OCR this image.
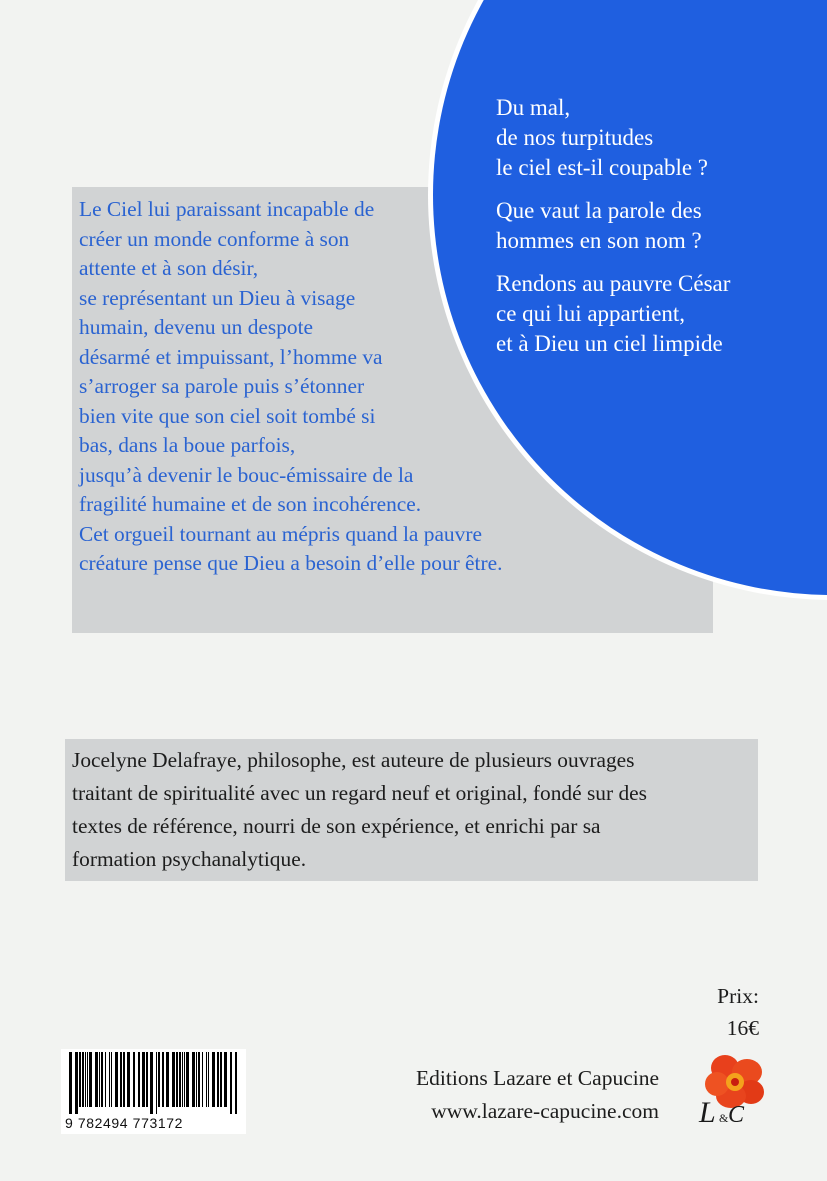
Le Ciel lui paraissant incapable de
créer un monde conforme à son
attente et à son désir,
se représentant un Dieu à visage
humain, devenu un despote
désarmé et impuissant, l’homme va
s’arroger sa parole puis s’étonner
bien vite que son ciel soit tombé si
bas, dans la boue parfois,
jusqu’à devenir le bouc-émissaire de la
fragilité humaine et de son incohérence.
Cet orgueil tournant au mépris quand la pauvre
créature pense que Dieu a besoin d’elle pour être.

Du mal,
de nos turpitudes
le ciel est-il coupable ?

Que vaut la parole des
hommes en son nom ?

Rendons au pauvre César
ce qui lui appartient,
et à Dieu un ciel limpide

Jocelyne Delafraye, philosophe, est auteure de plusieurs ouvrages
traitant de spiritualité avec un regard neuf et original, fondé sur des
textes de référence, nourri de son expérience, et enrichi par sa
formation psychanalytique.
Prix:
16€
9 782494 773172
Editions Lazare et Capucine
www.lazare-capucine.com L & C
